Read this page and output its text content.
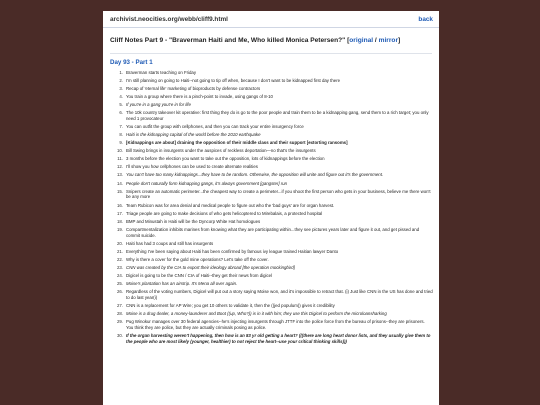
archivist.neocities.org/webb/cliff9.html	back
Cliff Notes Part 9 - "Braverman Haiti and Me, Who killed Monica Petersen?" [original / mirror]
Day 93 - Part 1
1. Braverman starts teaching on Friday
2. I'm still planning on going to Haiti--not going to tip off when, because I don't want to be kidnapped first day there
3. Recap of 'eternal life' marketing of bioproducts by defense contractors
4. You train a group where there is a pinch-point to invade, using gangs of 8-10
5. If you're in a gang you're in for life
6. The 10k country takeover kit operative: first thing they do is go to the poor people and train them to be a kidnapping gang, send them to a rich target; you only need 1 provocateur
7. You can outfit the group with cellphones, and then you can track your entire insurgency force
8. Haiti is the kidnapping capital of the world before the 2010 earthquake
9. [Kidnappings are about] draining the opposition of their middle class and their support [extorting ransoms]
10. Bill Swing brings in insurgents under the auspices of reckless deportation—no that's the insurgents
11. 3 months before the election you want to take out the opposition, lots of kidnappings before the election
12. I'll show you how cellphones can be used to create alternate realities
13. You can't have too many kidnappings...they have to be random. Otherwise, the opposition will unite and figure out it's the government.
14. People don't naturally form kidnapping gangs, it's always government [gangster] run
15. Snipers create an automatic perimeter...the cheapest way to create a perimeter...if you shoot the first person who gets in your business, believe me there won't be any more
16. Team Rubicon was for area denial and medical people to figure out who the 'bad guys' are for organ harvest.
17. Triage people are going to make decisions of who gets helicoptered to Mirebalais, a protected hospital
18. BMP and Minustah in Haiti will be the Dyncorp White Hat homologues
19. Compartmentalization inhibits marines from knowing what they are participating within...they see pictures years later and figure it out, and get pissed and commit suicide.
20. Haiti has had 3 coups and still has insurgents
21. Everything I've been saying about Haiti has been confirmed by famous ivy league trained Haitian lawyer Danto
22. Why is there a cover for the gold mine operations? Let's take off the cover.
23. CNN was created by the CIA to export their ideology abroad [the operation mockingbird]
24. Digicel is going to be the CNN / CIA of Haiti--they get their news from digicel
25. Moise's plantation has an airstrip. It's Mena all over again.
26. Regardless of the voting numbers, Digicel will put out a story saying Moise won, and it's impossible to retract that. (i) Just like CNN in the US has done and tried to do last year(i)
27. CNN is a replacement for AP Wire; you get 10 others to validate it, then the ((jed populum)) gives it credibility
28. Moise is a drug dealer, a money-launderer and Boot ((up, Who?)) is in it with him; they use this Digicel to perform the microloansharking
29. Pug Winokur manages over 30 federal agencies--he's injecting insurgents through JTTF into the police force from the bureau of prisons--they are prisoners. You think they are police, but they are actually criminals posing as police.
30. If the organ harvesting weren't happening, then how is an 83 yr old getting a heart? (((there are long heart donor lists, and they usually give them to the people who are most likely (younger, healthier) to not reject the heart--use your critical thinking skills)))
